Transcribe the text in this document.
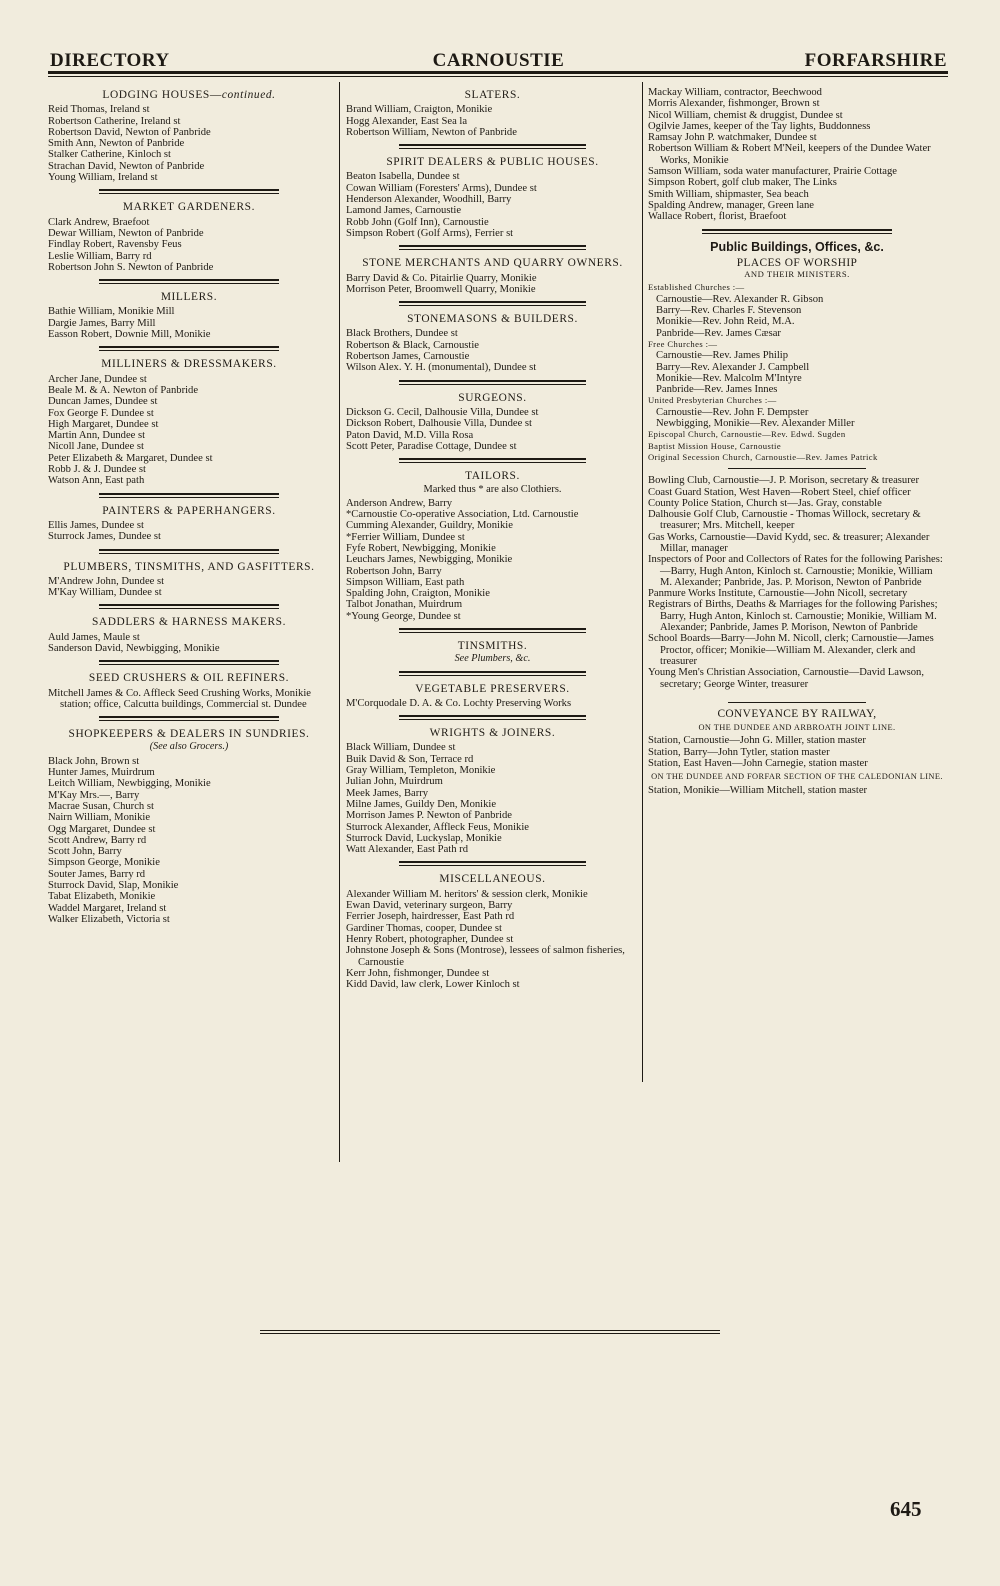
DIRECTORY	CARNOUSTIE	FORFARSHIRE
LODGING HOUSES—continued.
Reid Thomas, Ireland st
Robertson Catherine, Ireland st
Robertson David, Newton of Panbride
Smith Ann, Newton of Panbride
Stalker Catherine, Kinloch st
Strachan David, Newton of Panbride
Young William, Ireland st
MARKET GARDENERS.
Clark Andrew, Braefoot
Dewar William, Newton of Panbride
Findlay Robert, Ravensby Feus
Leslie William, Barry rd
Robertson John S. Newton of Panbride
MILLERS.
Bathie William, Monikie Mill
Dargie James, Barry Mill
Easson Robert, Downie Mill, Monikie
MILLINERS & DRESSMAKERS.
Archer Jane, Dundee st
Beale M. & A. Newton of Panbride
Duncan James, Dundee st
Fox George F. Dundee st
High Margaret, Dundee st
Martin Ann, Dundee st
Nicoll Jane, Dundee st
Peter Elizabeth & Margaret, Dundee st
Robb J. & J. Dundee st
Watson Ann, East path
PAINTERS & PAPERHANGERS.
Ellis James, Dundee st
Sturrock James, Dundee st
PLUMBERS, TINSMITHS, AND GASFITTERS.
M'Andrew John, Dundee st
M'Kay William, Dundee st
SADDLERS & HARNESS MAKERS.
Auld James, Maule st
Sanderson David, Newbigging, Monikie
SEED CRUSHERS & OIL REFINERS.
Mitchell James & Co. Affleck Seed Crushing Works, Monikie station; office, Calcutta buildings, Commercial st. Dundee
SHOPKEEPERS & DEALERS IN SUNDRIES.
(See also Grocers.)
Black John, Brown st
Hunter James, Muirdrum
Leitch William, Newbigging, Monikie
M'Kay Mrs.—, Barry
Macrae Susan, Church st
Nairn William, Monikie
Ogg Margaret, Dundee st
Scott Andrew, Barry rd
Scott John, Barry
Simpson George, Monikie
Souter James, Barry rd
Sturrock David, Slap, Monikie
Tabat Elizabeth, Monikie
Waddel Margaret, Ireland st
Walker Elizabeth, Victoria st
SLATERS.
Brand William, Craigton, Monikie
Hogg Alexander, East Sea la
Robertson William, Newton of Panbride
SPIRIT DEALERS & PUBLIC HOUSES.
Beaton Isabella, Dundee st
Cowan William (Foresters' Arms), Dundee st
Henderson Alexander, Woodhill, Barry
Lamond James, Carnoustie
Robb John (Golf Inn), Carnoustie
Simpson Robert (Golf Arms), Ferrier st
STONE MERCHANTS AND QUARRY OWNERS.
Barry David & Co. Pitairlie Quarry, Monikie
Morrison Peter, Broomwell Quarry, Monikie
STONEMASONS & BUILDERS.
Black Brothers, Dundee st
Robertson & Black, Carnoustie
Robertson James, Carnoustie
Wilson Alex. Y. H. (monumental), Dundee st
SURGEONS.
Dickson G. Cecil, Dalhousie Villa, Dundee st
Dickson Robert, Dalhousie Villa, Dundee st
Paton David, M.D. Villa Rosa
Scott Peter, Paradise Cottage, Dundee st
TAILORS.
Marked thus * are also Clothiers.
Anderson Andrew, Barry
*Carnoustie Co-operative Association, Ltd. Carnoustie
Cumming Alexander, Guildry, Monikie
*Ferrier William, Dundee st
Fyfe Robert, Newbigging, Monikie
Leuchars James, Newbigging, Monikie
Robertson John, Barry
Simpson William, East path
Spalding John, Craigton, Monikie
Talbot Jonathan, Muirdrum
*Young George, Dundee st
TINSMITHS.
See Plumbers, &c.
VEGETABLE PRESERVERS.
M'Corquodale D. A. & Co. Lochty Preserving Works
WRIGHTS & JOINERS.
Black William, Dundee st
Buik David & Son, Terrace rd
Gray William, Templeton, Monikie
Julian John, Muirdrum
Meek James, Barry
Milne James, Guildy Den, Monikie
Morrison James P. Newton of Panbride
Sturrock Alexander, Affleck Feus, Monikie
Sturrock David, Luckyslap, Monikie
Watt Alexander, East Path rd
MISCELLANEOUS.
Alexander William M. heritors' & session clerk, Monikie
Ewan David, veterinary surgeon, Barry
Ferrier Joseph, hairdresser, East Path rd
Gardiner Thomas, cooper, Dundee st
Henry Robert, photographer, Dundee st
Johnstone Joseph & Sons (Montrose), lessees of salmon fisheries, Carnoustie
Kerr John, fishmonger, Dundee st
Kidd David, law clerk, Lower Kinloch st
Mackay William, contractor, Beechwood
Morris Alexander, fishmonger, Brown st
Nicol William, chemist & druggist, Dundee st
Ogilvie James, keeper of the Tay lights, Buddonness
Ramsay John P. watchmaker, Dundee st
Robertson William & Robert M'Neil, keepers of the Dundee Water Works, Monikie
Samson William, soda water manufacturer, Prairie Cottage
Simpson Robert, golf club maker, The Links
Smith William, shipmaster, Sea beach
Spalding Andrew, manager, Green lane
Wallace Robert, florist, Braefoot
Public Buildings, Offices, &c.
PLACES OF WORSHIP
AND THEIR MINISTERS.
Established Churches :—
Carnoustie—Rev. Alexander R. Gibson
Barry—Rev. Charles F. Stevenson
Monikie—Rev. John Reid, M.A.
Panbride—Rev. James Cæsar
Free Churches :—
Carnoustie—Rev. James Philip
Barry—Rev. Alexander J. Campbell
Monikie—Rev. Malcolm M'Intyre
Panbride—Rev. James Innes
United Presbyterian Churches :—
Carnoustie—Rev. John F. Dempster
Newbigging, Monikie—Rev. Alexander Miller
Episcopal Church, Carnoustie—Rev. Edwd. Sugden
Baptist Mission House, Carnoustie
Original Secession Church, Carnoustie—Rev. James Patrick
Bowling Club, Carnoustie—J. P. Morison, secretary & treasurer
Coast Guard Station, West Haven—Robert Steel, chief officer
County Police Station, Church st—Jas. Gray, constable
Dalhousie Golf Club, Carnoustie - Thomas Willock, secretary & treasurer; Mrs. Mitchell, keeper
Gas Works, Carnoustie—David Kydd, sec. & treasurer; Alexander Millar, manager
Inspectors of Poor and Collectors of Rates for the following Parishes:—Barry, Hugh Anton, Kinloch st. Carnoustie; Monikie, William M. Alexander; Panbride, Jas. P. Morison, Newton of Panbride
Panmure Works Institute, Carnoustie—John Nicoll, secretary
Registrars of Births, Deaths & Marriages for the following Parishes; Barry, Hugh Anton, Kinloch st. Carnoustie; Monikie, William M. Alexander; Panbride, James P. Morison, Newton of Panbride
School Boards—Barry—John M. Nicoll, clerk; Carnoustie—James Proctor, officer; Monikie—William M. Alexander, clerk and treasurer
Young Men's Christian Association, Carnoustie—David Lawson, secretary; George Winter, treasurer
CONVEYANCE BY RAILWAY,
ON THE DUNDEE AND ARBROATH JOINT LINE.
Station, Carnoustie—John G. Miller, station master
Station, Barry—John Tytler, station master
Station, East Haven—John Carnegie, station master
ON THE DUNDEE AND FORFAR SECTION OF THE CALEDONIAN LINE.
Station, Monikie—William Mitchell, station master
645
